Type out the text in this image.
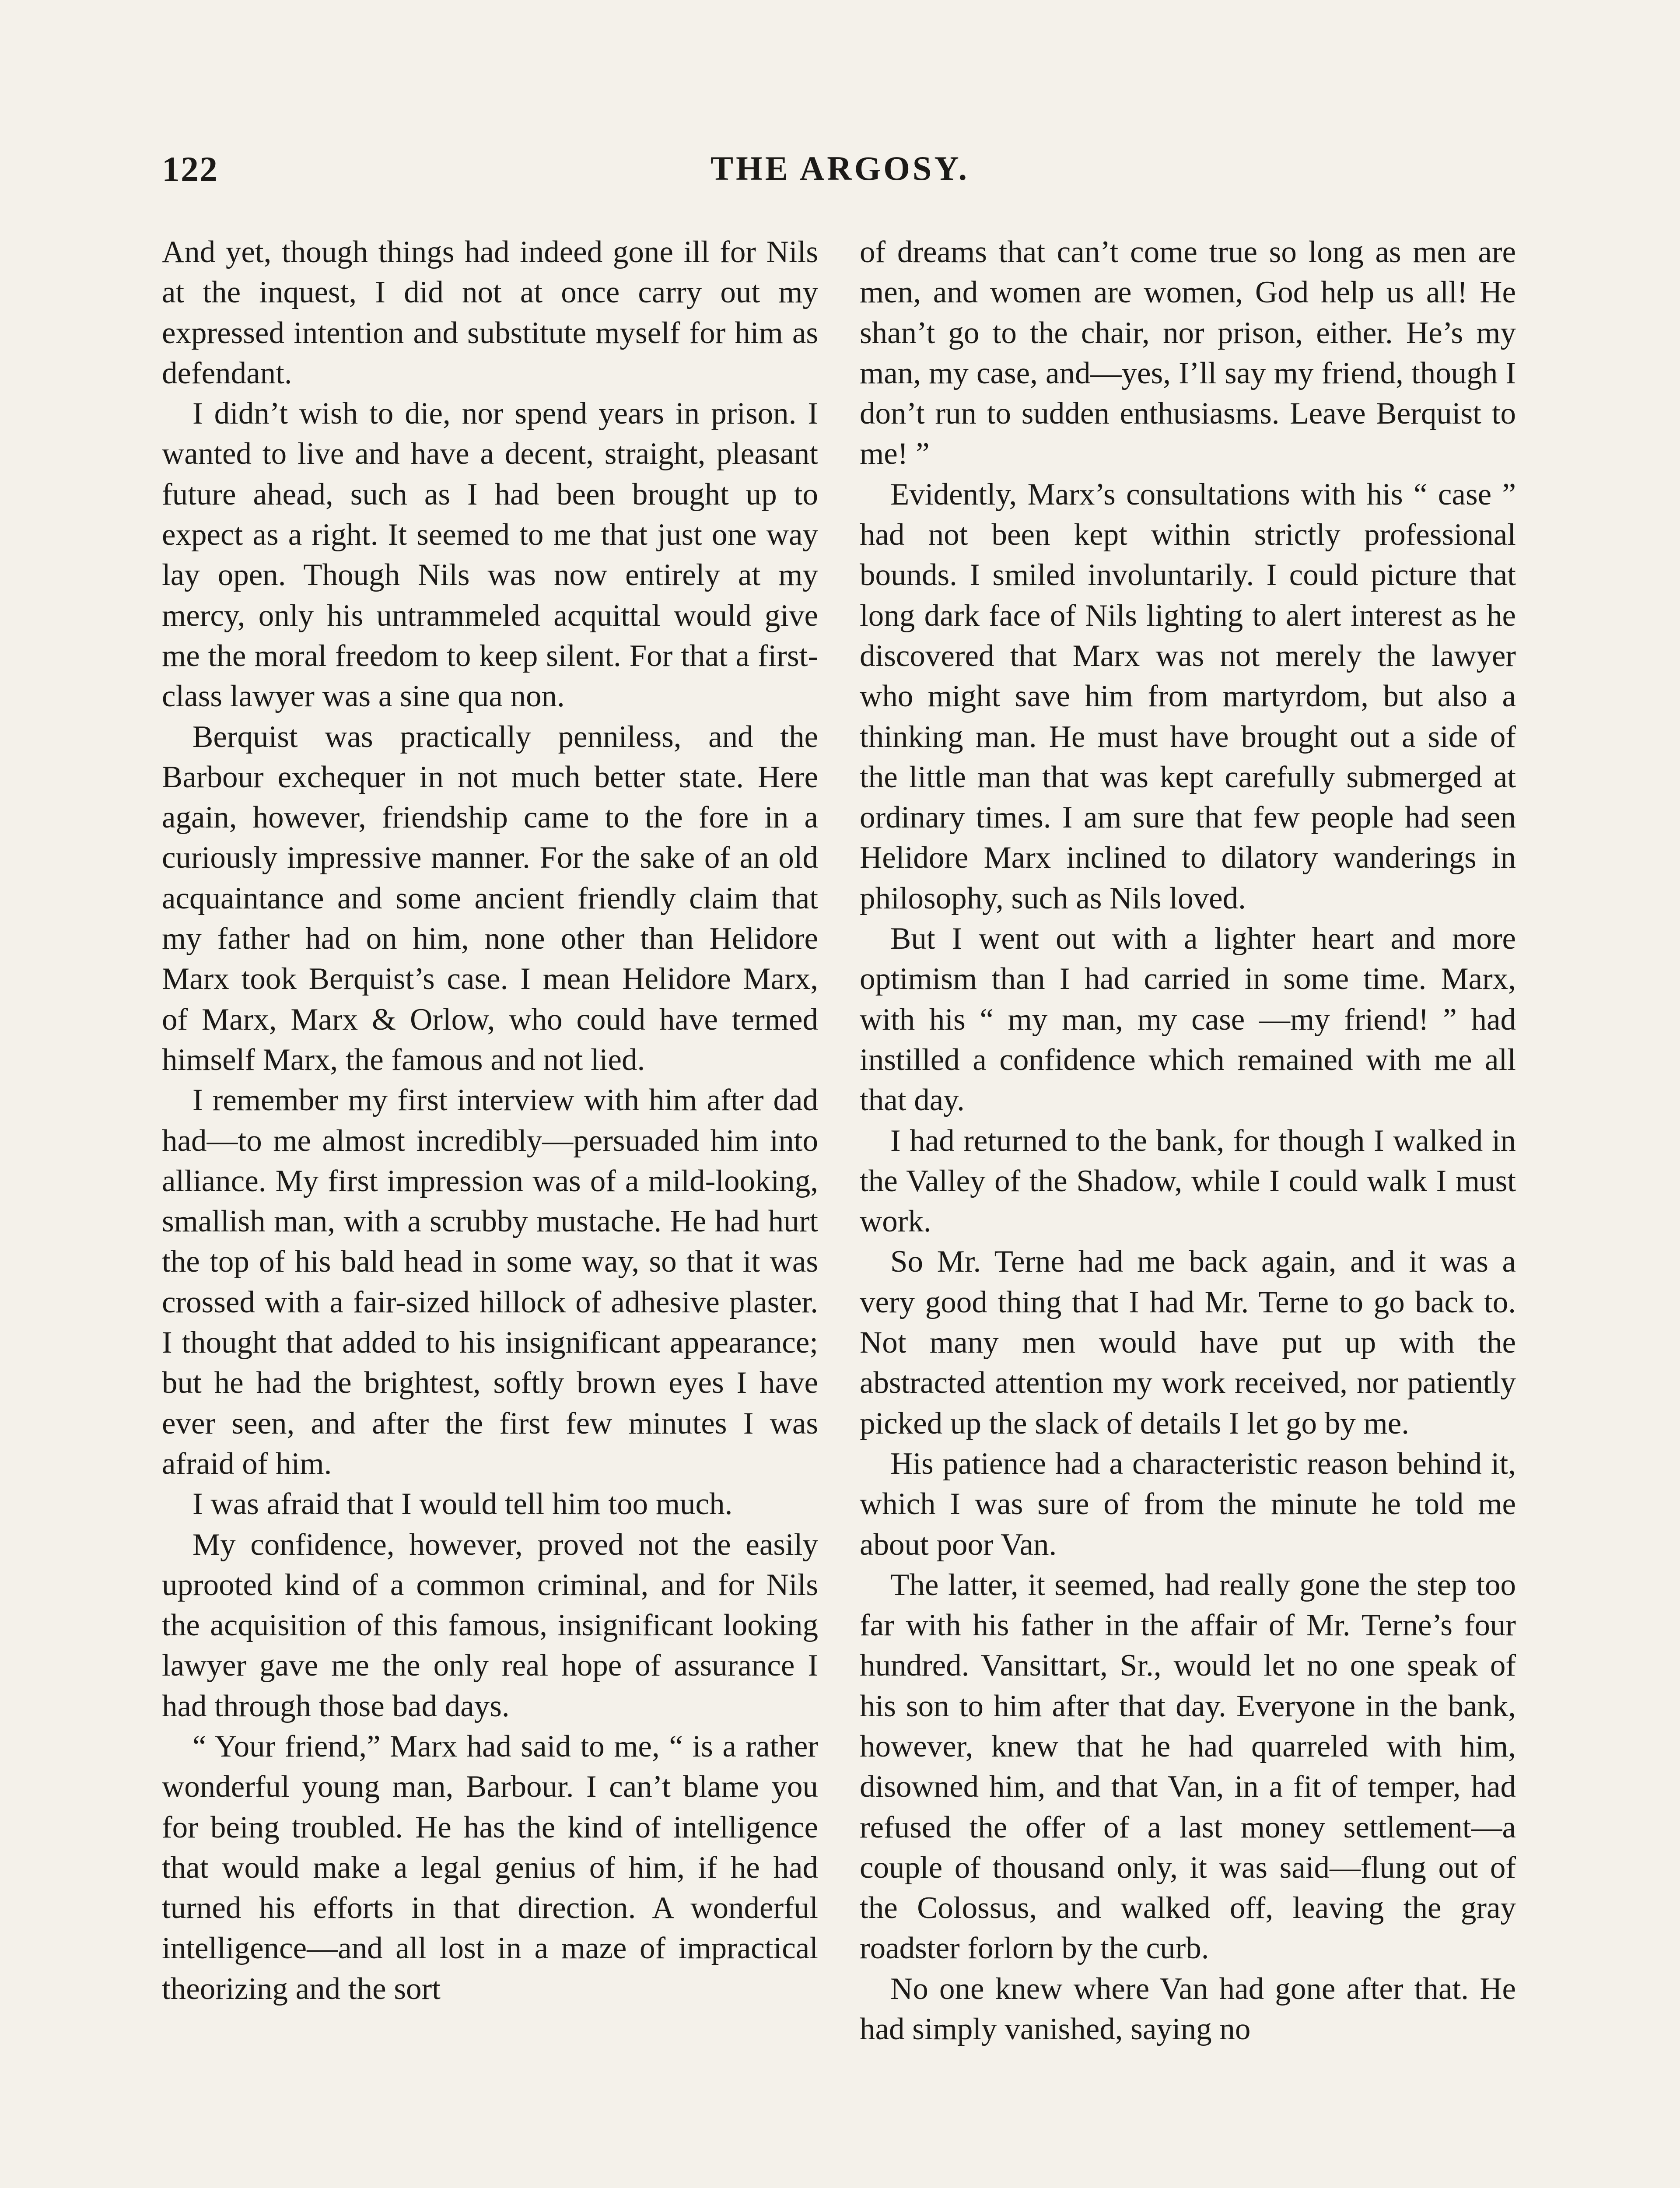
122	THE ARGOSY.

And yet, though things had indeed gone ill for Nils at the inquest, I did not at once carry out my expressed intention and substitute myself for him as defendant.

I didn’t wish to die, nor spend years in prison. I wanted to live and have a decent, straight, pleasant future ahead, such as I had been brought up to expect as a right. It seemed to me that just one way lay open. Though Nils was now entirely at my mercy, only his untrammeled acquittal would give me the moral freedom to keep silent. For that a first-class lawyer was a sine qua non.

Berquist was practically penniless, and the Barbour exchequer in not much better state. Here again, however, friendship came to the fore in a curiously impressive manner. For the sake of an old acquaintance and some ancient friendly claim that my father had on him, none other than Helidore Marx took Berquist’s case. I mean Helidore Marx, of Marx, Marx & Orlow, who could have termed himself Marx, the famous and not lied.

I remember my first interview with him after dad had—to me almost incredibly—persuaded him into alliance. My first impression was of a mild-looking, smallish man, with a scrubby mustache. He had hurt the top of his bald head in some way, so that it was crossed with a fair-sized hillock of adhesive plaster. I thought that added to his insignificant appearance; but he had the brightest, softly brown eyes I have ever seen, and after the first few minutes I was afraid of him.

I was afraid that I would tell him too much.

My confidence, however, proved not the easily uprooted kind of a common criminal, and for Nils the acquisition of this famous, insignificant looking lawyer gave me the only real hope of assurance I had through those bad days.

“ Your friend,” Marx had said to me, “ is a rather wonderful young man, Barbour. I can’t blame you for being troubled. He has the kind of intelligence that would make a legal genius of him, if he had turned his efforts in that direction. A wonderful intelligence—and all lost in a maze of impractical theorizing and the sort

of dreams that can’t come true so long as men are men, and women are women, God help us all! He shan’t go to the chair, nor prison, either. He’s my man, my case, and—yes, I’ll say my friend, though I don’t run to sudden enthusiasms. Leave Berquist to me! ”

Evidently, Marx’s consultations with his “ case ” had not been kept within strictly professional bounds. I smiled involuntarily. I could picture that long dark face of Nils lighting to alert interest as he discovered that Marx was not merely the lawyer who might save him from martyrdom, but also a thinking man. He must have brought out a side of the little man that was kept carefully submerged at ordinary times. I am sure that few people had seen Helidore Marx inclined to dilatory wanderings in philosophy, such as Nils loved.

But I went out with a lighter heart and more optimism than I had carried in some time. Marx, with his “ my man, my case —my friend! ” had instilled a confidence which remained with me all that day.

I had returned to the bank, for though I walked in the Valley of the Shadow, while I could walk I must work.

So Mr. Terne had me back again, and it was a very good thing that I had Mr. Terne to go back to. Not many men would have put up with the abstracted attention my work received, nor patiently picked up the slack of details I let go by me.

His patience had a characteristic reason behind it, which I was sure of from the minute he told me about poor Van.

The latter, it seemed, had really gone the step too far with his father in the affair of Mr. Terne’s four hundred. Vansittart, Sr., would let no one speak of his son to him after that day. Everyone in the bank, however, knew that he had quarreled with him, disowned him, and that Van, in a fit of temper, had refused the offer of a last money settlement—a couple of thousand only, it was said—flung out of the Colossus, and walked off, leaving the gray roadster forlorn by the curb.

No one knew where Van had gone after that. He had simply vanished, saying no
